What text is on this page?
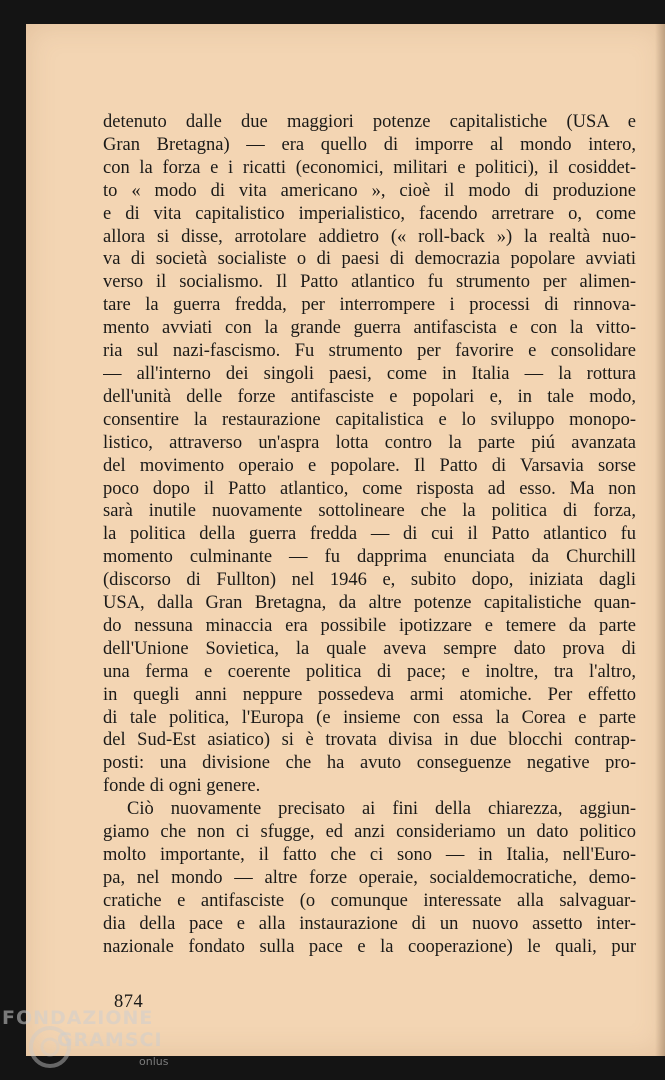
detenuto dalle due maggiori potenze capitalistiche (USA e
Gran Bretagna) — era quello di imporre al mondo intero,
con la forza e i ricatti (economici, militari e politici), il cosiddet-
to « modo di vita americano », cioè il modo di produzione
e di vita capitalistico imperialistico, facendo arretrare o, come
allora si disse, arrotolare addietro (« roll-back ») la realtà nuo-
va di società socialiste o di paesi di democrazia popolare avviati
verso il socialismo. Il Patto atlantico fu strumento per alimen-
tare la guerra fredda, per interrompere i processi di rinnova-
mento avviati con la grande guerra antifascista e con la vitto-
ria sul nazi-fascismo. Fu strumento per favorire e consolidare
— all'interno dei singoli paesi, come in Italia — la rottura
dell'unità delle forze antifasciste e popolari e, in tale modo,
consentire la restaurazione capitalistica e lo sviluppo monopo-
listico, attraverso un'aspra lotta contro la parte piú avanzata
del movimento operaio e popolare. Il Patto di Varsavia sorse
poco dopo il Patto atlantico, come risposta ad esso. Ma non
sarà inutile nuovamente sottolineare che la politica di forza,
la politica della guerra fredda — di cui il Patto atlantico fu
momento culminante — fu dapprima enunciata da Churchill
(discorso di Fullton) nel 1946 e, subito dopo, iniziata dagli
USA, dalla Gran Bretagna, da altre potenze capitalistiche quan-
do nessuna minaccia era possibile ipotizzare e temere da parte
dell'Unione Sovietica, la quale aveva sempre dato prova di
una ferma e coerente politica di pace; e inoltre, tra l'altro,
in quegli anni neppure possedeva armi atomiche. Per effetto
di tale politica, l'Europa (e insieme con essa la Corea e parte
del Sud-Est asiatico) si è trovata divisa in due blocchi contrap-
posti: una divisione che ha avuto conseguenze negative pro-
fonde di ogni genere.
Ciò nuovamente precisato ai fini della chiarezza, aggiun-
giamo che non ci sfugge, ed anzi consideriamo un dato politico
molto importante, il fatto che ci sono — in Italia, nell'Euro-
pa, nel mondo — altre forze operaie, socialdemocratiche, demo-
cratiche e antifasciste (o comunque interessate alla salvaguar-
dia della pace e alla instaurazione di un nuovo assetto inter-
nazionale fondato sulla pace e la cooperazione) le quali, pur
874
FONDAZIONE
GRAMSCI
onlus
